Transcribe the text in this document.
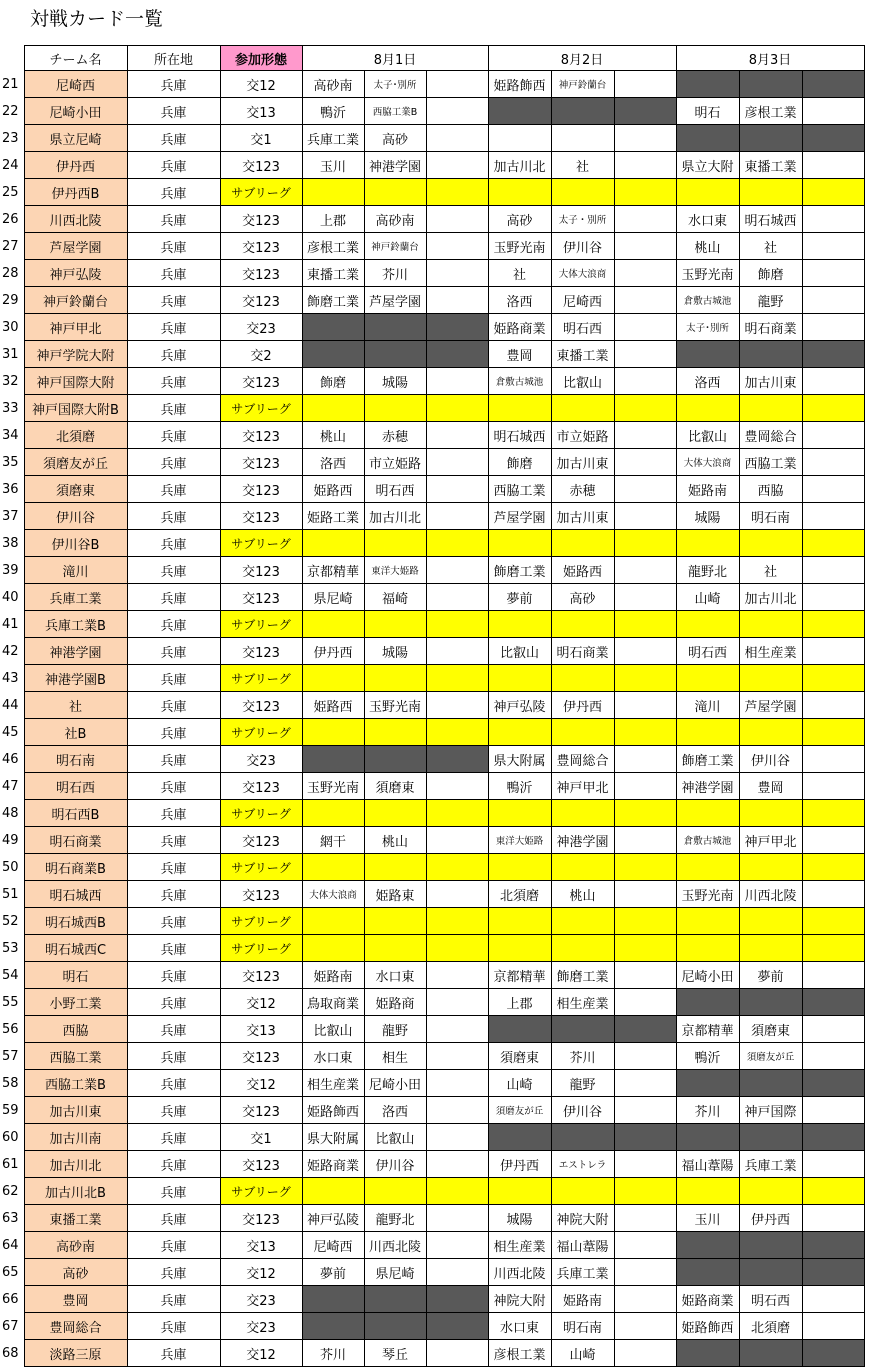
対戦カード一覧
	チーム名	所在地	参加形態	8月1日			8月2日			8月3日		
21	尼崎西	兵庫	交12	高砂南	太子･別所		姫路飾西	神戸鈴蘭台				
22	尼崎小田	兵庫	交13	鴨沂	西脇工業B					明石	彦根工業	
23	県立尼崎	兵庫	交1	兵庫工業	高砂							
24	伊丹西	兵庫	交123	玉川	神港学園		加古川北	社		県立大附	東播工業	
25	伊丹西B	兵庫	サブリーグ									
26	川西北陵	兵庫	交123	上郡	高砂南		高砂	太子・別所		水口東	明石城西	
27	芦屋学園	兵庫	交123	彦根工業	神戸鈴蘭台		玉野光南	伊川谷		桃山	社	
28	神戸弘陵	兵庫	交123	東播工業	芥川		社	大体大浪商		玉野光南	飾磨	
29	神戸鈴蘭台	兵庫	交123	飾磨工業	芦屋学園		洛西	尼崎西		倉敷古城池	龍野	
30	神戸甲北	兵庫	交23				姫路商業	明石西		太子･別所	明石商業	
31	神戸学院大附	兵庫	交2				豊岡	東播工業				
32	神戸国際大附	兵庫	交123	飾磨	城陽		倉敷古城池	比叡山		洛西	加古川東	
33	神戸国際大附B	兵庫	サブリーグ									
34	北須磨	兵庫	交123	桃山	赤穂		明石城西	市立姫路		比叡山	豊岡総合	
35	須磨友が丘	兵庫	交123	洛西	市立姫路		飾磨	加古川東		大体大浪商	西脇工業	
36	須磨東	兵庫	交123	姫路西	明石西		西脇工業	赤穂		姫路南	西脇	
37	伊川谷	兵庫	交123	姫路工業	加古川北		芦屋学園	加古川東		城陽	明石南	
38	伊川谷B	兵庫	サブリーグ									
39	滝川	兵庫	交123	京都精華	東洋大姫路		飾磨工業	姫路西		龍野北	社	
40	兵庫工業	兵庫	交123	県尼崎	福崎		夢前	高砂		山崎	加古川北	
41	兵庫工業B	兵庫	サブリーグ									
42	神港学園	兵庫	交123	伊丹西	城陽		比叡山	明石商業		明石西	相生産業	
43	神港学園B	兵庫	サブリーグ									
44	社	兵庫	交123	姫路西	玉野光南		神戸弘陵	伊丹西		滝川	芦屋学園	
45	社B	兵庫	サブリーグ									
46	明石南	兵庫	交23				県大附属	豊岡総合		飾磨工業	伊川谷	
47	明石西	兵庫	交123	玉野光南	須磨東		鴨沂	神戸甲北		神港学園	豊岡	
48	明石西B	兵庫	サブリーグ									
49	明石商業	兵庫	交123	網干	桃山		東洋大姫路	神港学園		倉敷古城池	神戸甲北	
50	明石商業B	兵庫	サブリーグ									
51	明石城西	兵庫	交123	大体大浪商	姫路東		北須磨	桃山		玉野光南	川西北陵	
52	明石城西B	兵庫	サブリーグ									
53	明石城西C	兵庫	サブリーグ									
54	明石	兵庫	交123	姫路南	水口東		京都精華	飾磨工業		尼崎小田	夢前	
55	小野工業	兵庫	交12	鳥取商業	姫路商		上郡	相生産業				
56	西脇	兵庫	交13	比叡山	龍野					京都精華	須磨東	
57	西脇工業	兵庫	交123	水口東	相生		須磨東	芥川		鴨沂	須磨友が丘	
58	西脇工業B	兵庫	交12	相生産業	尼崎小田		山崎	龍野				
59	加古川東	兵庫	交123	姫路飾西	洛西		須磨友が丘	伊川谷		芥川	神戸国際	
60	加古川南	兵庫	交1	県大附属	比叡山							
61	加古川北	兵庫	交123	姫路商業	伊川谷		伊丹西	エストレラ		福山葦陽	兵庫工業	
62	加古川北B	兵庫	サブリーグ									
63	東播工業	兵庫	交123	神戸弘陵	龍野北		城陽	神院大附		玉川	伊丹西	
64	高砂南	兵庫	交13	尼崎西	川西北陵		相生産業	福山葦陽				
65	高砂	兵庫	交12	夢前	県尼崎		川西北陵	兵庫工業				
66	豊岡	兵庫	交23				神院大附	姫路南		姫路商業	明石西	
67	豊岡総合	兵庫	交23				水口東	明石南		姫路飾西	北須磨	
68	淡路三原	兵庫	交12	芥川	琴丘		彦根工業	山崎				
